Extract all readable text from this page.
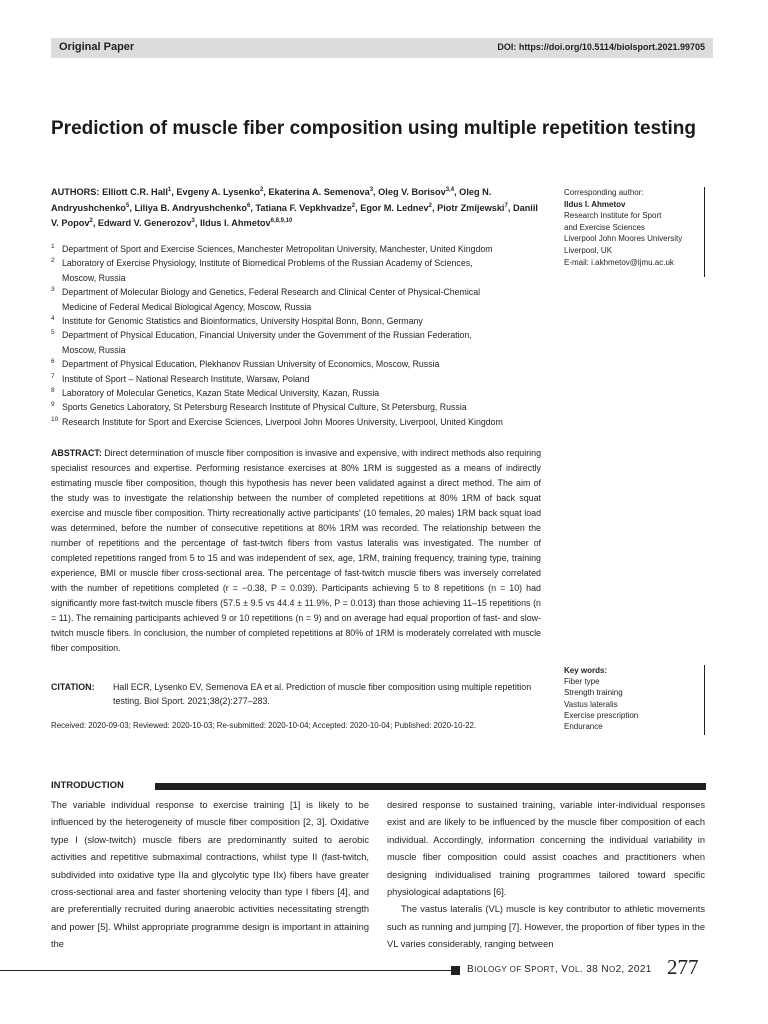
Original Paper	DOI: https://doi.org/10.5114/biolsport.2021.99705
Prediction of muscle fiber composition using multiple repetition testing
AUTHORS: Elliott C.R. Hall$^1$, Evgeny A. Lysenko$^2$, Ekaterina A. Semenova$^3$, Oleg V. Borisov$^{3,4}$, Oleg N. Andryushchenko$^5$, Liliya B. Andryushchenko$^6$, Tatiana F. Vepkhvadze$^2$, Egor M. Lednev$^2$, Piotr Zmijewski$^7$, Daniil V. Popov$^2$, Edward V. Generozov$^3$, Ildus I. Ahmetov$^{6,8,9,10}$
Corresponding author:
Ildus I. Ahmetov
Research Institute for Sport
and Exercise Sciences
Liverpool John Moores University
Liverpool, UK
E-mail: i.akhmetov@ljmu.ac.uk
1 Department of Sport and Exercise Sciences, Manchester Metropolitan University, Manchester, United Kingdom
2 Laboratory of Exercise Physiology, Institute of Biomedical Problems of the Russian Academy of Sciences,
Moscow, Russia
3 Department of Molecular Biology and Genetics, Federal Research and Clinical Center of Physical-Chemical
Medicine of Federal Medical Biological Agency, Moscow, Russia
4 Institute for Genomic Statistics and Bioinformatics, University Hospital Bonn, Bonn, Germany
5 Department of Physical Education, Financial University under the Government of the Russian Federation,
Moscow, Russia
6 Department of Physical Education, Plekhanov Russian University of Economics, Moscow, Russia
7 Institute of Sport – National Research Institute, Warsaw, Poland
8 Laboratory of Molecular Genetics, Kazan State Medical University, Kazan, Russia
9 Sports Genetics Laboratory, St Petersburg Research Institute of Physical Culture, St Petersburg, Russia
10 Research Institute for Sport and Exercise Sciences, Liverpool John Moores University, Liverpool, United Kingdom
ABSTRACT: Direct determination of muscle fiber composition is invasive and expensive, with indirect methods also requiring specialist resources and expertise. Performing resistance exercises at 80% 1RM is suggested as a means of indirectly estimating muscle fiber composition, though this hypothesis has never been validated against a direct method. The aim of the study was to investigate the relationship between the number of completed repetitions at 80% 1RM of back squat exercise and muscle fiber composition. Thirty recreationally active participants' (10 females, 20 males) 1RM back squat load was determined, before the number of consecutive repetitions at 80% 1RM was recorded. The relationship between the number of repetitions and the percentage of fast-twitch fibers from vastus lateralis was investigated. The number of completed repetitions ranged from 5 to 15 and was independent of sex, age, 1RM, training frequency, training type, training experience, BMI or muscle fiber cross-sectional area. The percentage of fast-twitch muscle fibers was inversely correlated with the number of repetitions completed (r = −0.38, P = 0.039). Participants achieving 5 to 8 repetitions (n = 10) had significantly more fast-twitch muscle fibers (57.5 ± 9.5 vs 44.4 ± 11.9%, P = 0.013) than those achieving 11–15 repetitions (n = 11). The remaining participants achieved 9 or 10 repetitions (n = 9) and on average had equal proportion of fast- and slow-twitch muscle fibers. In conclusion, the number of completed repetitions at 80% of 1RM is moderately correlated with muscle fiber composition.
Key words:
Fiber type
Strength training
Vastus lateralis
Exercise prescription
Endurance
CITATION:	Hall ECR, Lysenko EV, Semenova EA et al. Prediction of muscle fiber composition using multiple repetition testing. Biol Sport. 2021;38(2):277–283.
Received: 2020-09-03; Reviewed: 2020-10-03; Re-submitted: 2020-10-04; Accepted: 2020-10-04; Published: 2020-10-22.
INTRODUCTION

The variable individual response to exercise training [1] is likely to be influenced by the heterogeneity of muscle fiber composition [2, 3]. Oxidative type I (slow-twitch) muscle fibers are predominantly suited to aerobic activities and repetitive submaximal contractions, whilst type II (fast-twitch, subdivided into oxidative type IIa and glycolytic type IIx) fibers have greater cross-sectional area and faster shortening velocity than type I fibers [4], and are preferentially recruited during anaerobic activities necessitating strength and power [5]. Whilst appropriate programme design is important in attaining the

desired response to sustained training, variable inter-individual responses exist and are likely to be influenced by the muscle fiber composition of each individual. Accordingly, information concerning the individual variability in muscle fiber composition could assist coaches and practitioners when designing individualised training programmes tailored toward specific physiological adaptations [6].

The vastus lateralis (VL) muscle is key contributor to athletic movements such as running and jumping [7]. However, the proportion of fiber types in the VL varies considerably, ranging between

BIOLOGY OF SPORT, VOL. 38 NO2, 2021 277
